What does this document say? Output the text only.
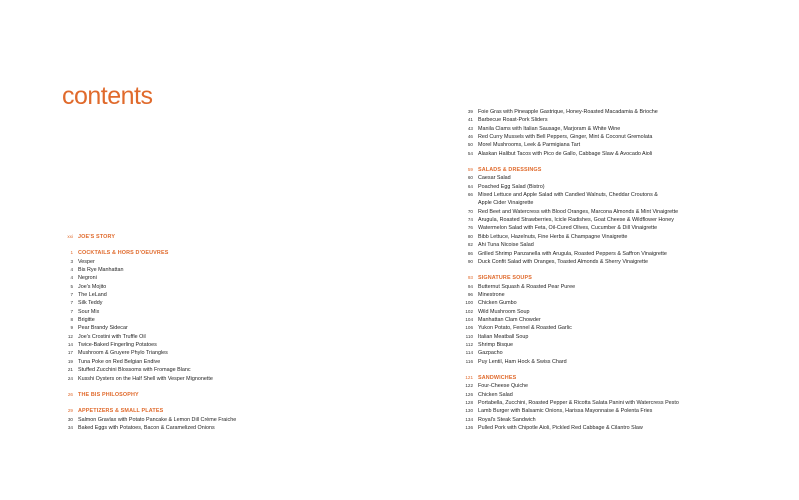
contents
xxi JOE'S STORY
1 COCKTAILS & HORS D'OEUVRES
3 Vesper
4 Bis Rye Manhattan
4 Negroni
5 Joe's Mojito
7 The LeLand
7 Silk Teddy
7 Sour Mix
8 Brigitte
9 Pear Brandy Sidecar
12 Joe's Crostini with Truffle Oil
14 Twice-Baked Fingerling Potatoes
17 Mushroom & Gruyere Phylo Triangles
19 Tuna Poke on Red Belgian Endive
21 Stuffed Zucchini Blossoms with Fromage Blanc
24 Kusshi Oysters on the Half Shell with Vesper Mignonette
26 THE BIS PHILOSOPHY
29 APPETIZERS & SMALL PLATES
30 Salmon Gravlax with Potato Pancake & Lemon Dill Crème Fraiche
34 Baked Eggs with Potatoes, Bacon & Caramelized Onions
39 Foie Gras with Pineapple Gastrique, Honey-Roasted Macadamia & Brioche
41 Barbecue Roast-Pork Sliders
43 Manila Clams with Italian Sausage, Marjoram & White Wine
46 Red Curry Mussels with Bell Peppers, Ginger, Mint & Coconut Gremolata
50 Morel Mushrooms, Leek & Parmigiana Tart
54 Alaskan Halibut Tacos with Pico de Gallo, Cabbage Slaw & Avocado Aioli
59 SALADS & DRESSINGS
60 Caesar Salad
64 Poached Egg Salad (Bistro)
66 Mixed Lettuce and Apple Salad with Candied Walnuts, Cheddar Croutons &
Apple Cider Vinaigrette
70 Red Beet and Watercress with Blood Oranges, Marcona Almonds & Mint Vinaigrette
74 Arugula, Roasted Strawberries, Icicle Radishes, Goat Cheese & Wildflower Honey
76 Watermelon Salad with Feta, Oil-Cured Olives, Cucumber & Dill Vinaigrette
80 Bibb Lettuce, Hazelnuts, Fine Herbs & Champagne Vinaigrette
82 Ahi Tuna Nicoise Salad
86 Grilled Shrimp Panzanella with Arugula, Roasted Peppers & Saffron Vinaigrette
90 Duck Confit Salad with Oranges, Toasted Almonds & Sherry Vinaigrette
93 SIGNATURE SOUPS
94 Butternut Squash & Roasted Pear Puree
96 Minestrone
100 Chicken Gumbo
102 Wild Mushroom Soup
104 Manhattan Clam Chowder
106 Yukon Potato, Fennel & Roasted Garlic
110 Italian Meatball Soup
112 Shrimp Bisque
114 Gazpacho
116 Puy Lentil, Ham Hock & Swiss Chard
121 SANDWICHES
122 Four-Cheese Quiche
126 Chicken Salad
128 Portabella, Zucchini, Roasted Pepper & Ricotta Salata Panini with Watercress Pesto
130 Lamb Burger with Balsamic Onions, Harissa Mayonnaise & Polenta Fries
134 Royal's Steak Sandwich
136 Pulled Pork with Chipotle Aioli, Pickled Red Cabbage & Cilantro Slaw
